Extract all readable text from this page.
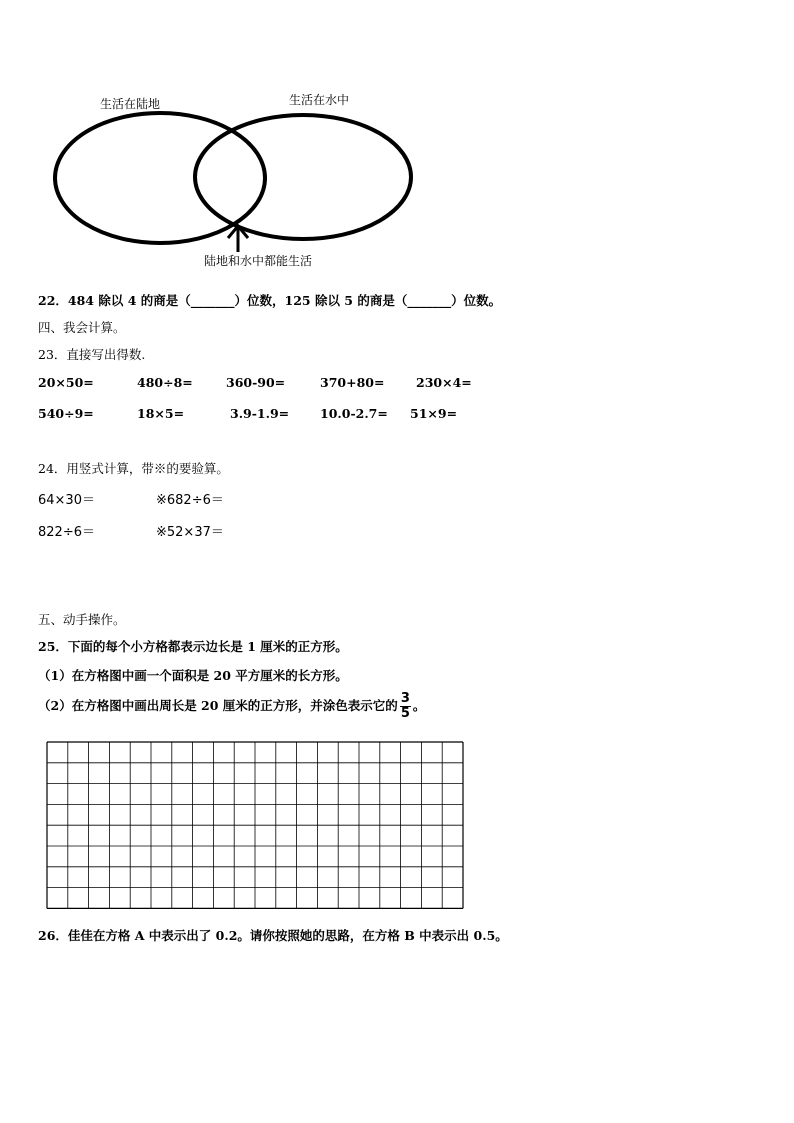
生活在陆地	生活在水中
陆地和水中都能生活
22．484 除以 4 的商是（_______）位数，125 除以 5 的商是（_______）位数。
四、我会计算。
23．直接写出得数.
20×50=	480÷8=	360-90=	370+80=	230×4=
540÷9=	18×5=	3.9-1.9= 10.0-2.7= 51×9=
24．用竖式计算，带※的要验算。
64×30＝	※682÷6＝
822÷6＝	※52×37＝
五、动手操作。
25．下面的每个小方格都表示边长是 1 厘米的正方形。
（1）在方格图中画一个面积是 20 平方厘米的长方形。
（2）在方格图中画出周长是 20 厘米的正方形，并涂色表示它的 $\frac{3}{5}$ 。
26．佳佳在方格 A 中表示出了 0.2。请你按照她的思路，在方格 B 中表示出 0.5。
